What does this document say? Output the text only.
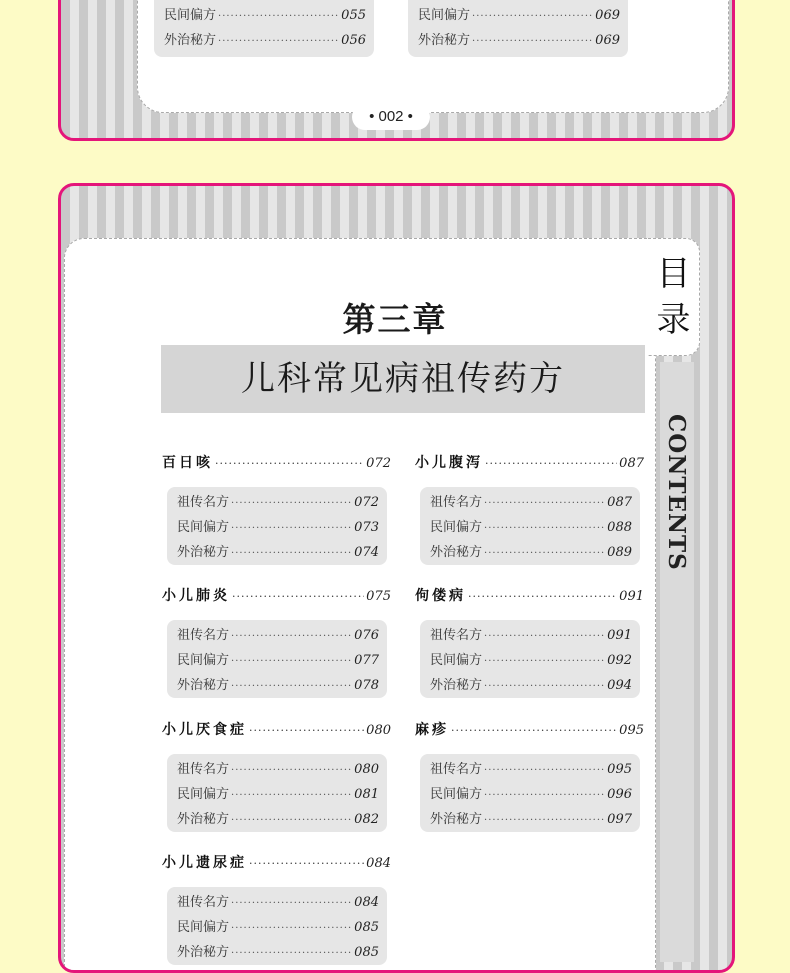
民间偏方 ·····	055
外治秘方 ·····	056
民间偏方 ·····	069
外治秘方 ·····	069
• 002 •
目
录
CONTENTS
第三章
儿科常见病祖传药方
百日咳 ·····	072
祖传名方 ·····	072
民间偏方 ·····	073
外治秘方 ·····	074
小儿腹泻 ·····	087
祖传名方 ·····	087
民间偏方 ·····	088
外治秘方 ·····	089
小儿肺炎 ·····	075
祖传名方 ·····	076
民间偏方 ·····	077
外治秘方 ·····	078
佝偻病 ·····	091
祖传名方 ·····	091
民间偏方 ·····	092
外治秘方 ·····	094
小儿厌食症 ·····	080
祖传名方 ·····	080
民间偏方 ·····	081
外治秘方 ·····	082
麻疹 ·····	095
祖传名方 ·····	095
民间偏方 ·····	096
外治秘方 ·····	097
小儿遗尿症 ·····	084
祖传名方 ·····	084
民间偏方 ·····	085
外治秘方 ·····	085
